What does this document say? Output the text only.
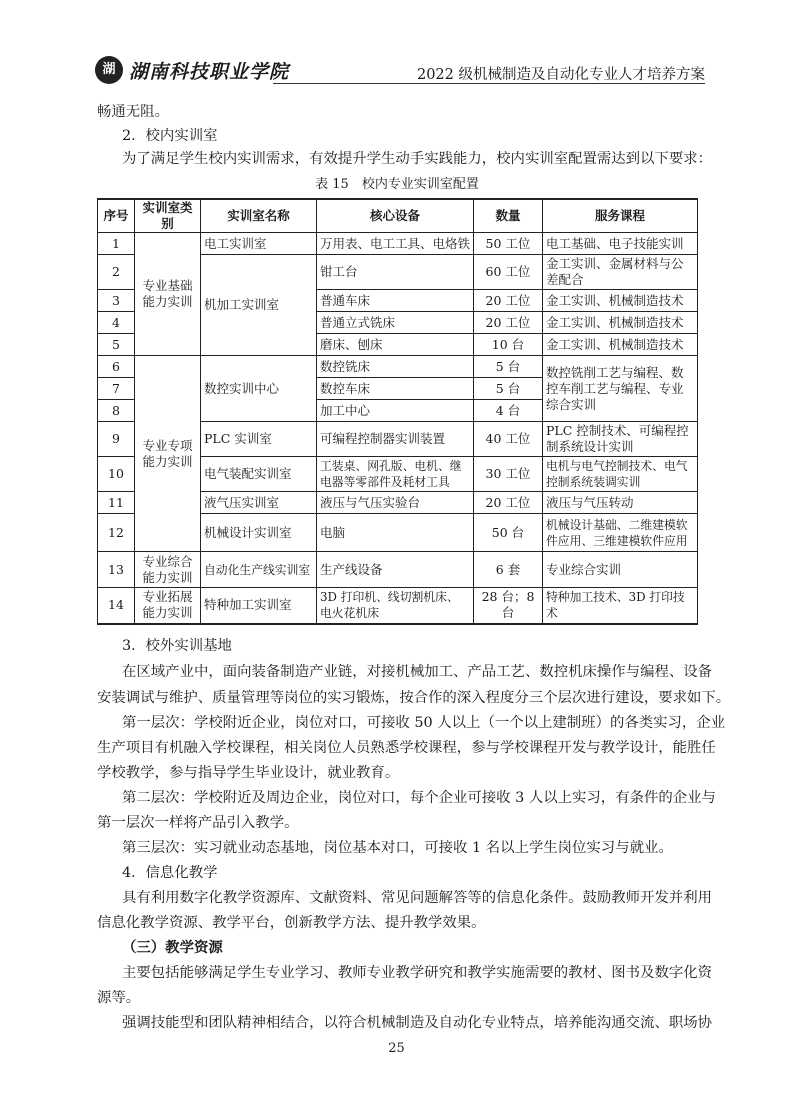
湖 湖南科技职业学院	2022 级机械制造及自动化专业人才培养方案
畅通无阻。
2．校内实训室
为了满足学生校内实训需求，有效提升学生动手实践能力，校内实训室配置需达到以下要求：
表 15　校内专业实训室配置
序号	实训室类别	实训室名称	核心设备	数量	服务课程
1	专业基础能力实训	电工实训室	万用表、电工工具、电烙铁	50 工位	电工基础、电子技能实训
2		机加工实训室	钳工台	60 工位	金工实训、金属材料与公差配合
3			普通车床	20 工位	金工实训、机械制造技术
4			普通立式铣床	20 工位	金工实训、机械制造技术
5			磨床、刨床	10 台	金工实训、机械制造技术
6	专业专项能力实训	数控实训中心	数控铣床	5 台	数控铣削工艺与编程、数控车削工艺与编程、专业综合实训
7			数控车床	5 台	
8			加工中心	4 台	
9		PLC 实训室	可编程控制器实训装置	40 工位	PLC 控制技术、可编程控制系统设计实训
10		电气装配实训室	工装桌、网孔版、电机、继电器等零部件及耗材工具	30 工位	电机与电气控制技术、电气控制系统装调实训
11		液气压实训室	液压与气压实验台	20 工位	液压与气压转动
12		机械设计实训室	电脑	50 台	机械设计基础、二维建模软件应用、三维建模软件应用
13	专业综合能力实训	自动化生产线实训室	生产线设备	6 套	专业综合实训
14	专业拓展能力实训	特种加工实训室	3D 打印机、线切割机床、电火花机床	28 台；8 台	特种加工技术、3D 打印技术
3．校外实训基地
在区域产业中，面向装备制造产业链，对接机械加工、产品工艺、数控机床操作与编程、设备
安装调试与维护、质量管理等岗位的实习锻炼，按合作的深入程度分三个层次进行建设，要求如下。
第一层次：学校附近企业，岗位对口，可接收 50 人以上（一个以上建制班）的各类实习，企业
生产项目有机融入学校课程，相关岗位人员熟悉学校课程，参与学校课程开发与教学设计，能胜任
学校教学，参与指导学生毕业设计，就业教育。
第二层次：学校附近及周边企业，岗位对口，每个企业可接收 3 人以上实习，有条件的企业与
第一层次一样将产品引入教学。
第三层次：实习就业动态基地，岗位基本对口，可接收 1 名以上学生岗位实习与就业。
4．信息化教学
具有利用数字化教学资源库、文献资料、常见问题解答等的信息化条件。鼓励教师开发并利用
信息化教学资源、教学平台，创新教学方法、提升教学效果。
（三）教学资源
主要包括能够满足学生专业学习、教师专业教学研究和教学实施需要的教材、图书及数字化资
源等。
强调技能型和团队精神相结合，以符合机械制造及自动化专业特点，培养能沟通交流、职场协
25
